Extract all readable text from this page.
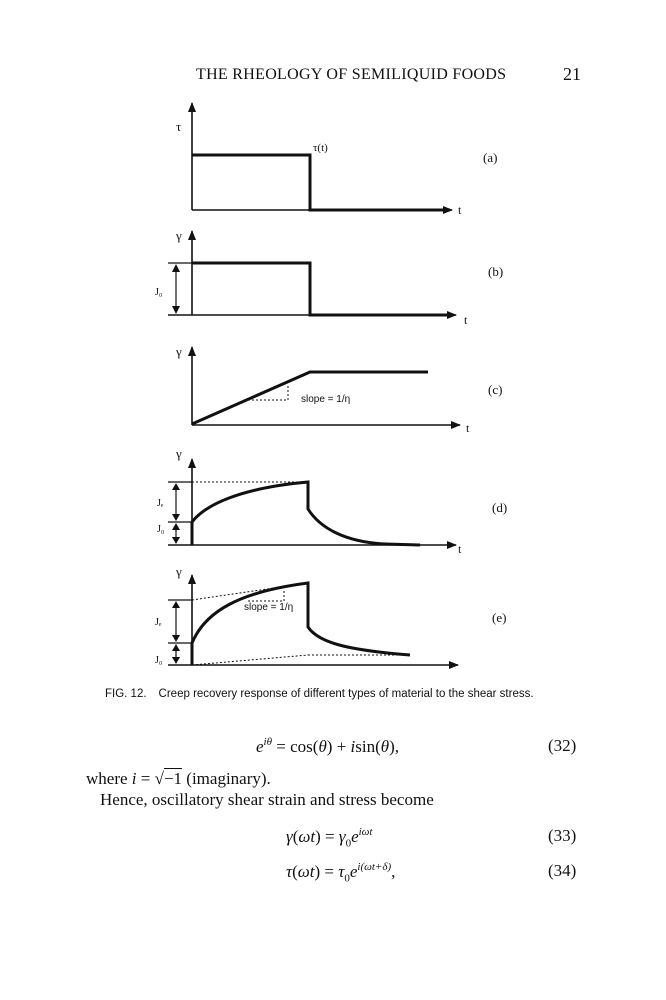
THE RHEOLOGY OF SEMILIQUID FOODS	21
τ
t
τ(t)
(a)
γ
t
J₀
(b)
γ
t
slope = 1/η
(c)
γ
t
Jₑ
J₀
(d)
γ
slope = 1/η
Jₑ
J₀
(e)
FIG. 12. Creep recovery response of different types of material to the shear stress.
$e^{i\theta} = \cos(\theta) + isin(\theta)$,	(32)
where i = √−1 (imaginary).
Hence, oscillatory shear strain and stress become
$\gamma(\omega t) = \gamma_0e^{i\omega t}$	(33)
$\tau(\omega t) = \tau_0e^{i(\omega t+\delta)}$,	(34)
